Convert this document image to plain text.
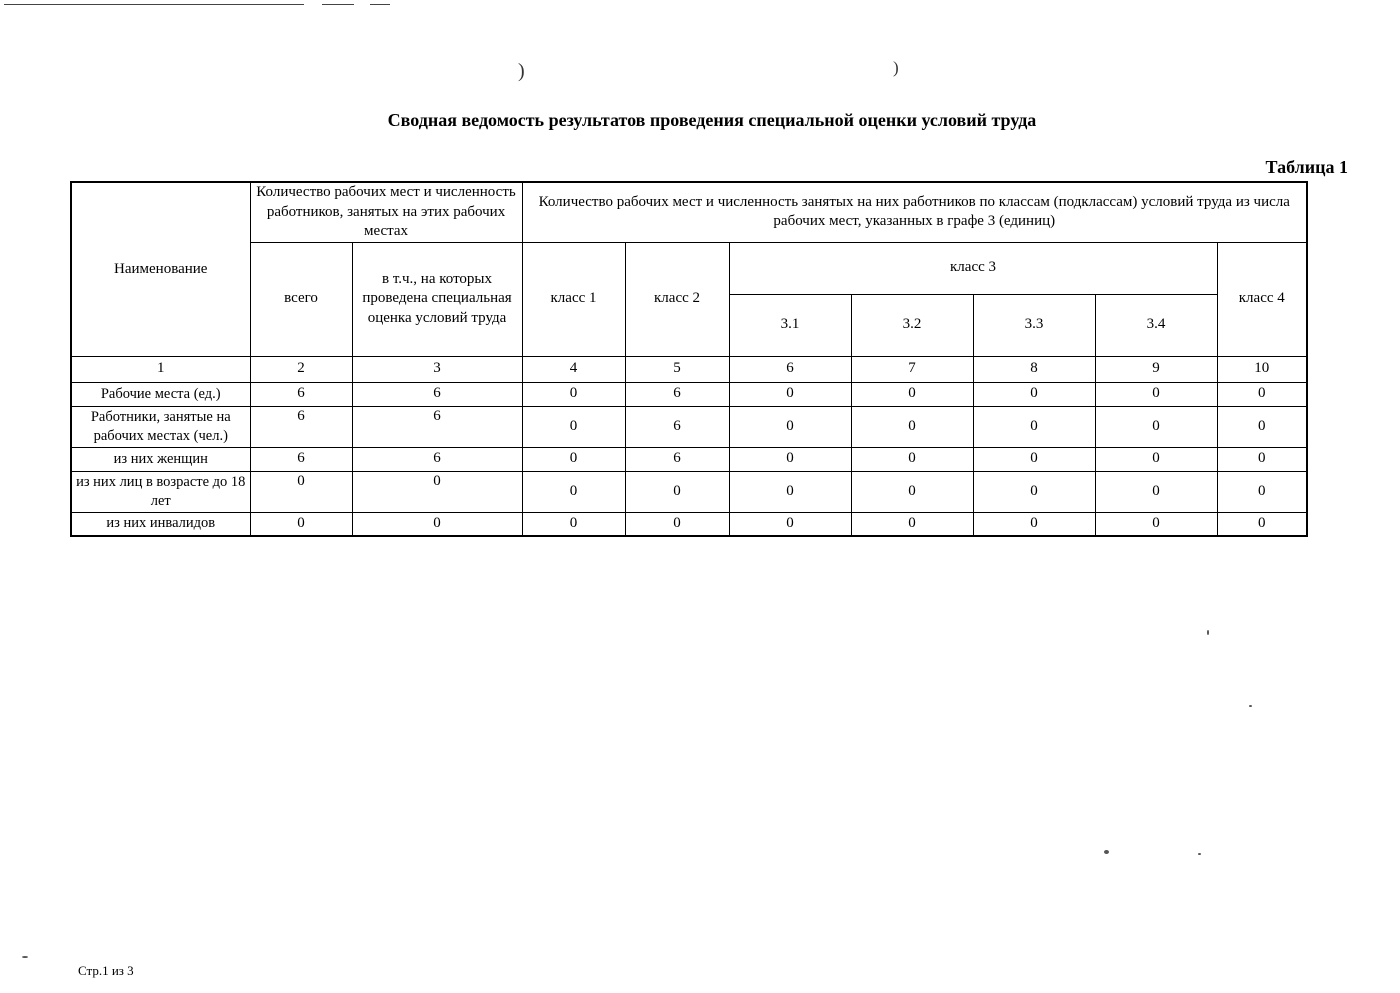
)	)
Сводная ведомость результатов проведения специальной оценки условий труда
Таблица 1
Наименование	Количество рабочих мест и численность работников, занятых на этих рабочих местах		Количество рабочих мест и численность занятых на них работников по классам (подклассам) условий труда из числа рабочих мест, указанных в графе 3 (единиц)						
	всего	в т.ч., на которых проведена специальная оценка условий труда	класс 1	класс 2	класс 3				класс 4
					3.1	3.2	3.3	3.4	
1	2	3	4	5	6	7	8	9	10
Рабочие места (ед.)	6	6	0	6	0	0	0	0	0
Работники, занятые на рабочих местах (чел.)	6	6	0	6	0	0	0	0	0
из них женщин	6	6	0	6	0	0	0	0	0
из них лиц в возрасте до 18 лет	0	0	0	0	0	0	0	0	0
из них инвалидов	0	0	0	0	0	0	0	0	0
Стр.1 из 3
